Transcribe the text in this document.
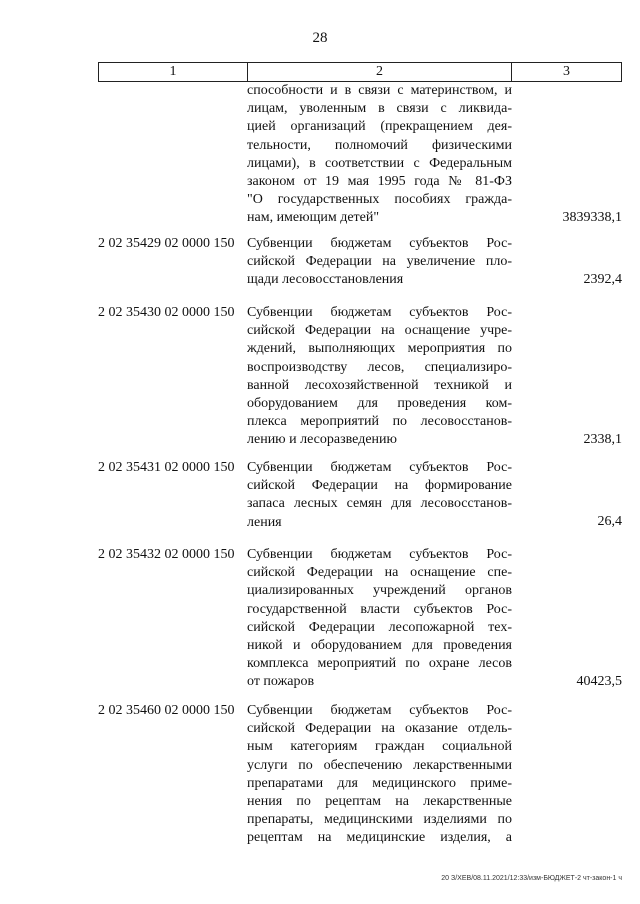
28
1	2	3
способности и в связи с материнством, и
лицам, уволенным в связи с ликвида-
цией организаций (прекращением дея-
тельности, полномочий физическими
лицами), в соответствии с Федеральным
законом от 19 мая 1995 года № 81-ФЗ
"О государственных пособиях гражда-
нам, имеющим детей"	3839338,1
2 02 35429 02 0000 150 Субвенции бюджетам субъектов Рос-
сийской Федерации на увеличение пло-
щади лесовосстановления	2392,4
2 02 35430 02 0000 150 Субвенции бюджетам субъектов Рос-
сийской Федерации на оснащение учре-
ждений, выполняющих мероприятия по
воспроизводству лесов, специализиро-
ванной лесохозяйственной техникой и
оборудованием для проведения ком-
плекса мероприятий по лесовосстанов-
лению и лесоразведению	2338,1
2 02 35431 02 0000 150 Субвенции бюджетам субъектов Рос-
сийской Федерации на формирование
запаса лесных семян для лесовосстанов-
ления	26,4
2 02 35432 02 0000 150 Субвенции бюджетам субъектов Рос-
сийской Федерации на оснащение спе-
циализированных учреждений органов
государственной власти субъектов Рос-
сийской Федерации лесопожарной тех-
никой и оборудованием для проведения
комплекса мероприятий по охране лесов
от пожаров	40423,5
2 02 35460 02 0000 150 Субвенции бюджетам субъектов Рос-
сийской Федерации на оказание отдель-
ным категориям граждан социальной
услуги по обеспечению лекарственными
препаратами для медицинского приме-
нения по рецептам на лекарственные
препараты, медицинскими изделиями по
рецептам на медицинские изделия, а
20 З/ХЕВ/08.11.2021/12:33/изм-БЮДЖЕТ-2 чт-закон-1 ч
